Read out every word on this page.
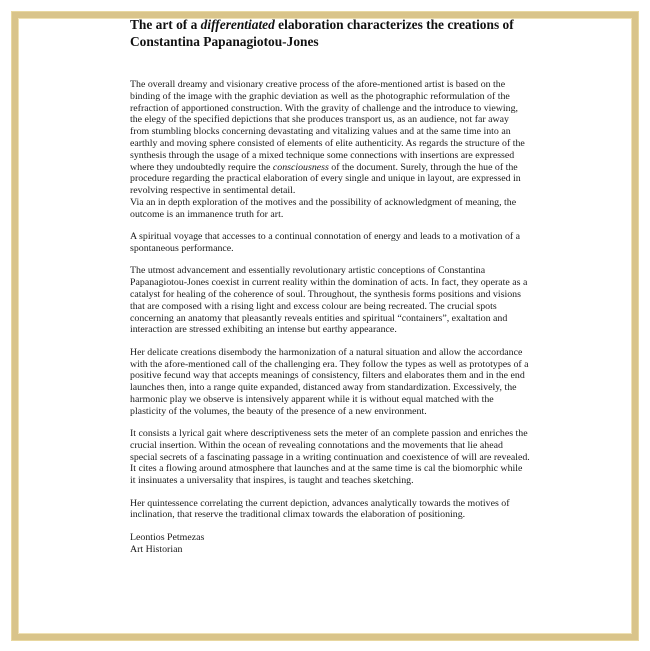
The art of a differentiated elaboration characterizes the creations of
Constantina Papanagiotou-Jones

The overall dreamy and visionary creative process of the afore-mentioned artist is based on the binding of the image with the graphic deviation as well as the photographic reformulation of the refraction of apportioned construction. With the gravity of challenge and the introduce to viewing, the elegy of the specified depictions that she produces transport us, as an audience, not far away from stumbling blocks concerning devastating and vitalizing values and at the same time into an earthly and moving sphere consisted of elements of elite authenticity. As regards the structure of the synthesis through the usage of a mixed technique some connections with insertions are expressed where they undoubtedly require the consciousness of the document. Surely, through the hue of the procedure regarding the practical elaboration of every single and unique in layout, are expressed in revolving respective in sentimental detail.

Via an in depth exploration of the motives and the possibility of acknowledgment of meaning, the outcome is an immanence truth for art.

A spiritual voyage that accesses to a continual connotation of energy and leads to a motivation of a spontaneous performance.

The utmost advancement and essentially revolutionary artistic conceptions of Constantina Papanagiotou-Jones coexist in current reality within the domination of acts. In fact, they operate as a catalyst for healing of the coherence of soul. Throughout, the synthesis forms positions and visions that are composed with a rising light and excess colour are being recreated. The crucial spots concerning an anatomy that pleasantly reveals entities and spiritual “containers”, exaltation and interaction are stressed exhibiting an intense but earthy appearance.

Her delicate creations disembody the harmonization of a natural situation and allow the accordance with the afore-mentioned call of the challenging era. They follow the types as well as prototypes of a positive fecund way that accepts meanings of consistency, filters and elaborates them and in the end launches then, into a range quite expanded, distanced away from standardization. Excessively, the harmonic play we observe is intensively apparent while it is without equal matched with the plasticity of the volumes, the beauty of the presence of a new environment.

It consists a lyrical gait where descriptiveness sets the meter of an complete passion and enriches the crucial insertion. Within the ocean of revealing connotations and the movements that lie ahead special secrets of a fascinating passage in a writing continuation and coexistence of will are revealed. It cites a flowing around atmosphere that launches and at the same time is cal the biomorphic while it insinuates a universality that inspires, is taught and teaches sketching.

Her quintessence correlating the current depiction, advances analytically towards the motives of inclination, that reserve the traditional climax towards the elaboration of positioning.

Leontios Petmezas
Art Historian
